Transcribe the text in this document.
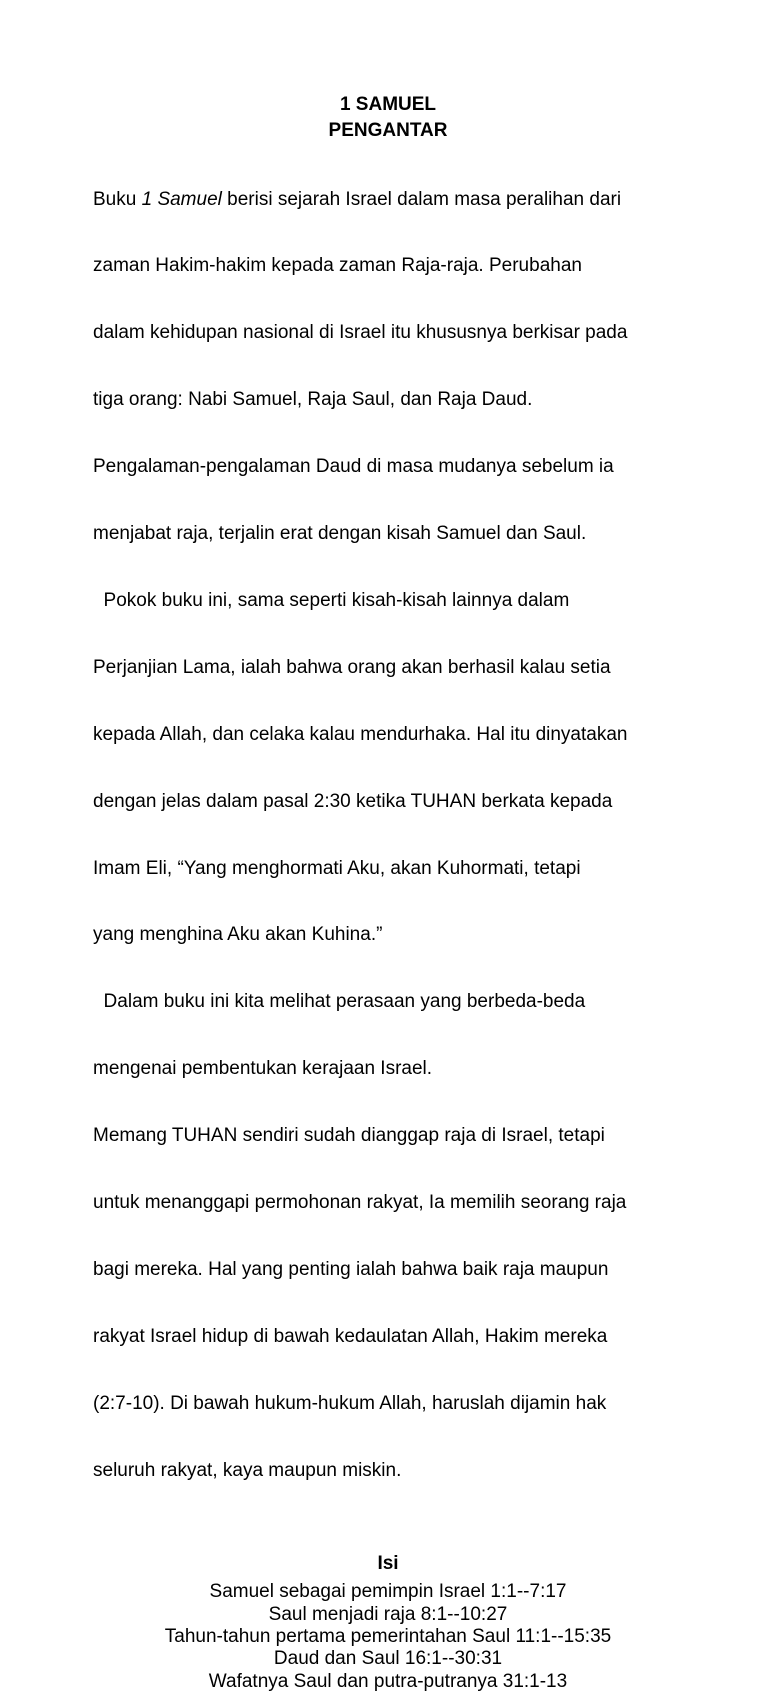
1 SAMUEL
PENGANTAR

Buku 1 Samuel berisi sejarah Israel dalam masa peralihan dari

zaman Hakim-hakim kepada zaman Raja-raja. Perubahan

dalam kehidupan nasional di Israel itu khususnya berkisar pada

tiga orang: Nabi Samuel, Raja Saul, dan Raja Daud.

Pengalaman-pengalaman Daud di masa mudanya sebelum ia

menjabat raja, terjalin erat dengan kisah Samuel dan Saul.

Pokok buku ini, sama seperti kisah-kisah lainnya dalam

Perjanjian Lama, ialah bahwa orang akan berhasil kalau setia

kepada Allah, dan celaka kalau mendurhaka. Hal itu dinyatakan

dengan jelas dalam pasal 2:30 ketika TUHAN berkata kepada

Imam Eli, “Yang menghormati Aku, akan Kuhormati, tetapi

yang menghina Aku akan Kuhina.”

Dalam buku ini kita melihat perasaan yang berbeda-beda

mengenai pembentukan kerajaan Israel.

Memang TUHAN sendiri sudah dianggap raja di Israel, tetapi

untuk menanggapi permohonan rakyat, Ia memilih seorang raja

bagi mereka. Hal yang penting ialah bahwa baik raja maupun

rakyat Israel hidup di bawah kedaulatan Allah, Hakim mereka

(2:7-10). Di bawah hukum-hukum Allah, haruslah dijamin hak

seluruh rakyat, kaya maupun miskin.

Isi
Samuel sebagai pemimpin Israel 1:1--7:17
Saul menjadi raja 8:1--10:27
Tahun-tahun pertama pemerintahan Saul 11:1--15:35
Daud dan Saul 16:1--30:31
Wafatnya Saul dan putra-putranya 31:1-13
